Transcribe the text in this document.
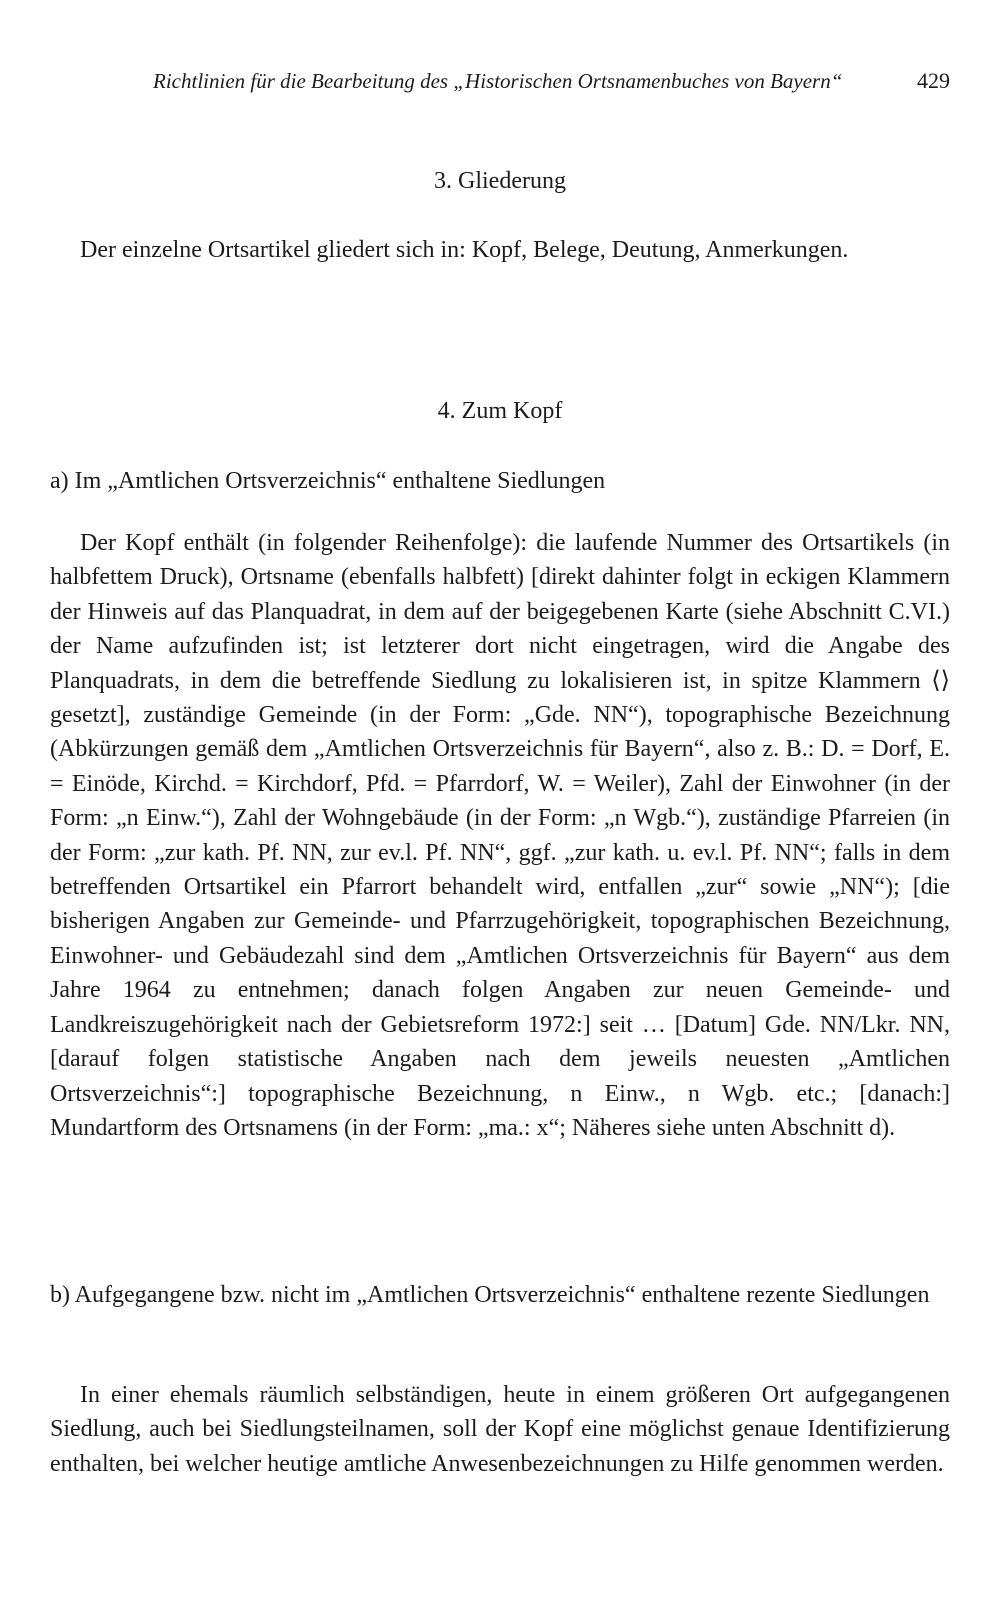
Richtlinien für die Bearbeitung des „Historischen Ortsnamenbuches von Bayern“	429
3. Gliederung
Der einzelne Ortsartikel gliedert sich in: Kopf, Belege, Deutung, Anmerkungen.
4. Zum Kopf
a) Im „Amtlichen Ortsverzeichnis“ enthaltene Siedlungen
Der Kopf enthält (in folgender Reihenfolge): die laufende Nummer des Ortsartikels (in halbfettem Druck), Ortsname (ebenfalls halbfett) [direkt dahinter folgt in eckigen Klammern der Hinweis auf das Planquadrat, in dem auf der beigegebenen Karte (siehe Abschnitt C.VI.) der Name aufzufinden ist; ist letzterer dort nicht eingetragen, wird die Angabe des Planquadrats, in dem die betreffende Siedlung zu lokalisieren ist, in spitze Klammern ⟨⟩ gesetzt], zuständige Gemeinde (in der Form: „Gde. NN“), topographische Bezeichnung (Abkürzungen gemäß dem „Amtlichen Ortsverzeichnis für Bayern“, also z. B.: D. = Dorf, E. = Einöde, Kirchd. = Kirchdorf, Pfd. = Pfarrdorf, W. = Weiler), Zahl der Einwohner (in der Form: „n Einw.“), Zahl der Wohngebäude (in der Form: „n Wgb.“), zuständige Pfarreien (in der Form: „zur kath. Pf. NN, zur ev.l. Pf. NN“, ggf. „zur kath. u. ev.l. Pf. NN“; falls in dem betreffenden Ortsartikel ein Pfarrort behandelt wird, entfallen „zur“ sowie „NN“); [die bisherigen Angaben zur Gemeinde- und Pfarrzugehörigkeit, topographischen Bezeichnung, Einwohner- und Gebäudezahl sind dem „Amtlichen Ortsverzeichnis für Bayern“ aus dem Jahre 1964 zu entnehmen; danach folgen Angaben zur neuen Gemeinde- und Landkreiszugehörigkeit nach der Gebietsreform 1972:] seit … [Datum] Gde. NN/Lkr. NN, [darauf folgen statistische Angaben nach dem jeweils neuesten „Amtlichen Ortsverzeichnis“:] topographische Bezeichnung, n Einw., n Wgb. etc.; [danach:] Mundartform des Ortsnamens (in der Form: „ma.: x“; Näheres siehe unten Abschnitt d).
b) Aufgegangene bzw. nicht im „Amtlichen Ortsverzeichnis“ enthaltene rezente Siedlungen
In einer ehemals räumlich selbständigen, heute in einem größeren Ort aufgegangenen Siedlung, auch bei Siedlungsteilnamen, soll der Kopf eine möglichst genaue Identifizierung enthalten, bei welcher heutige amtliche Anwesenbezeichnungen zu Hilfe genommen werden.
